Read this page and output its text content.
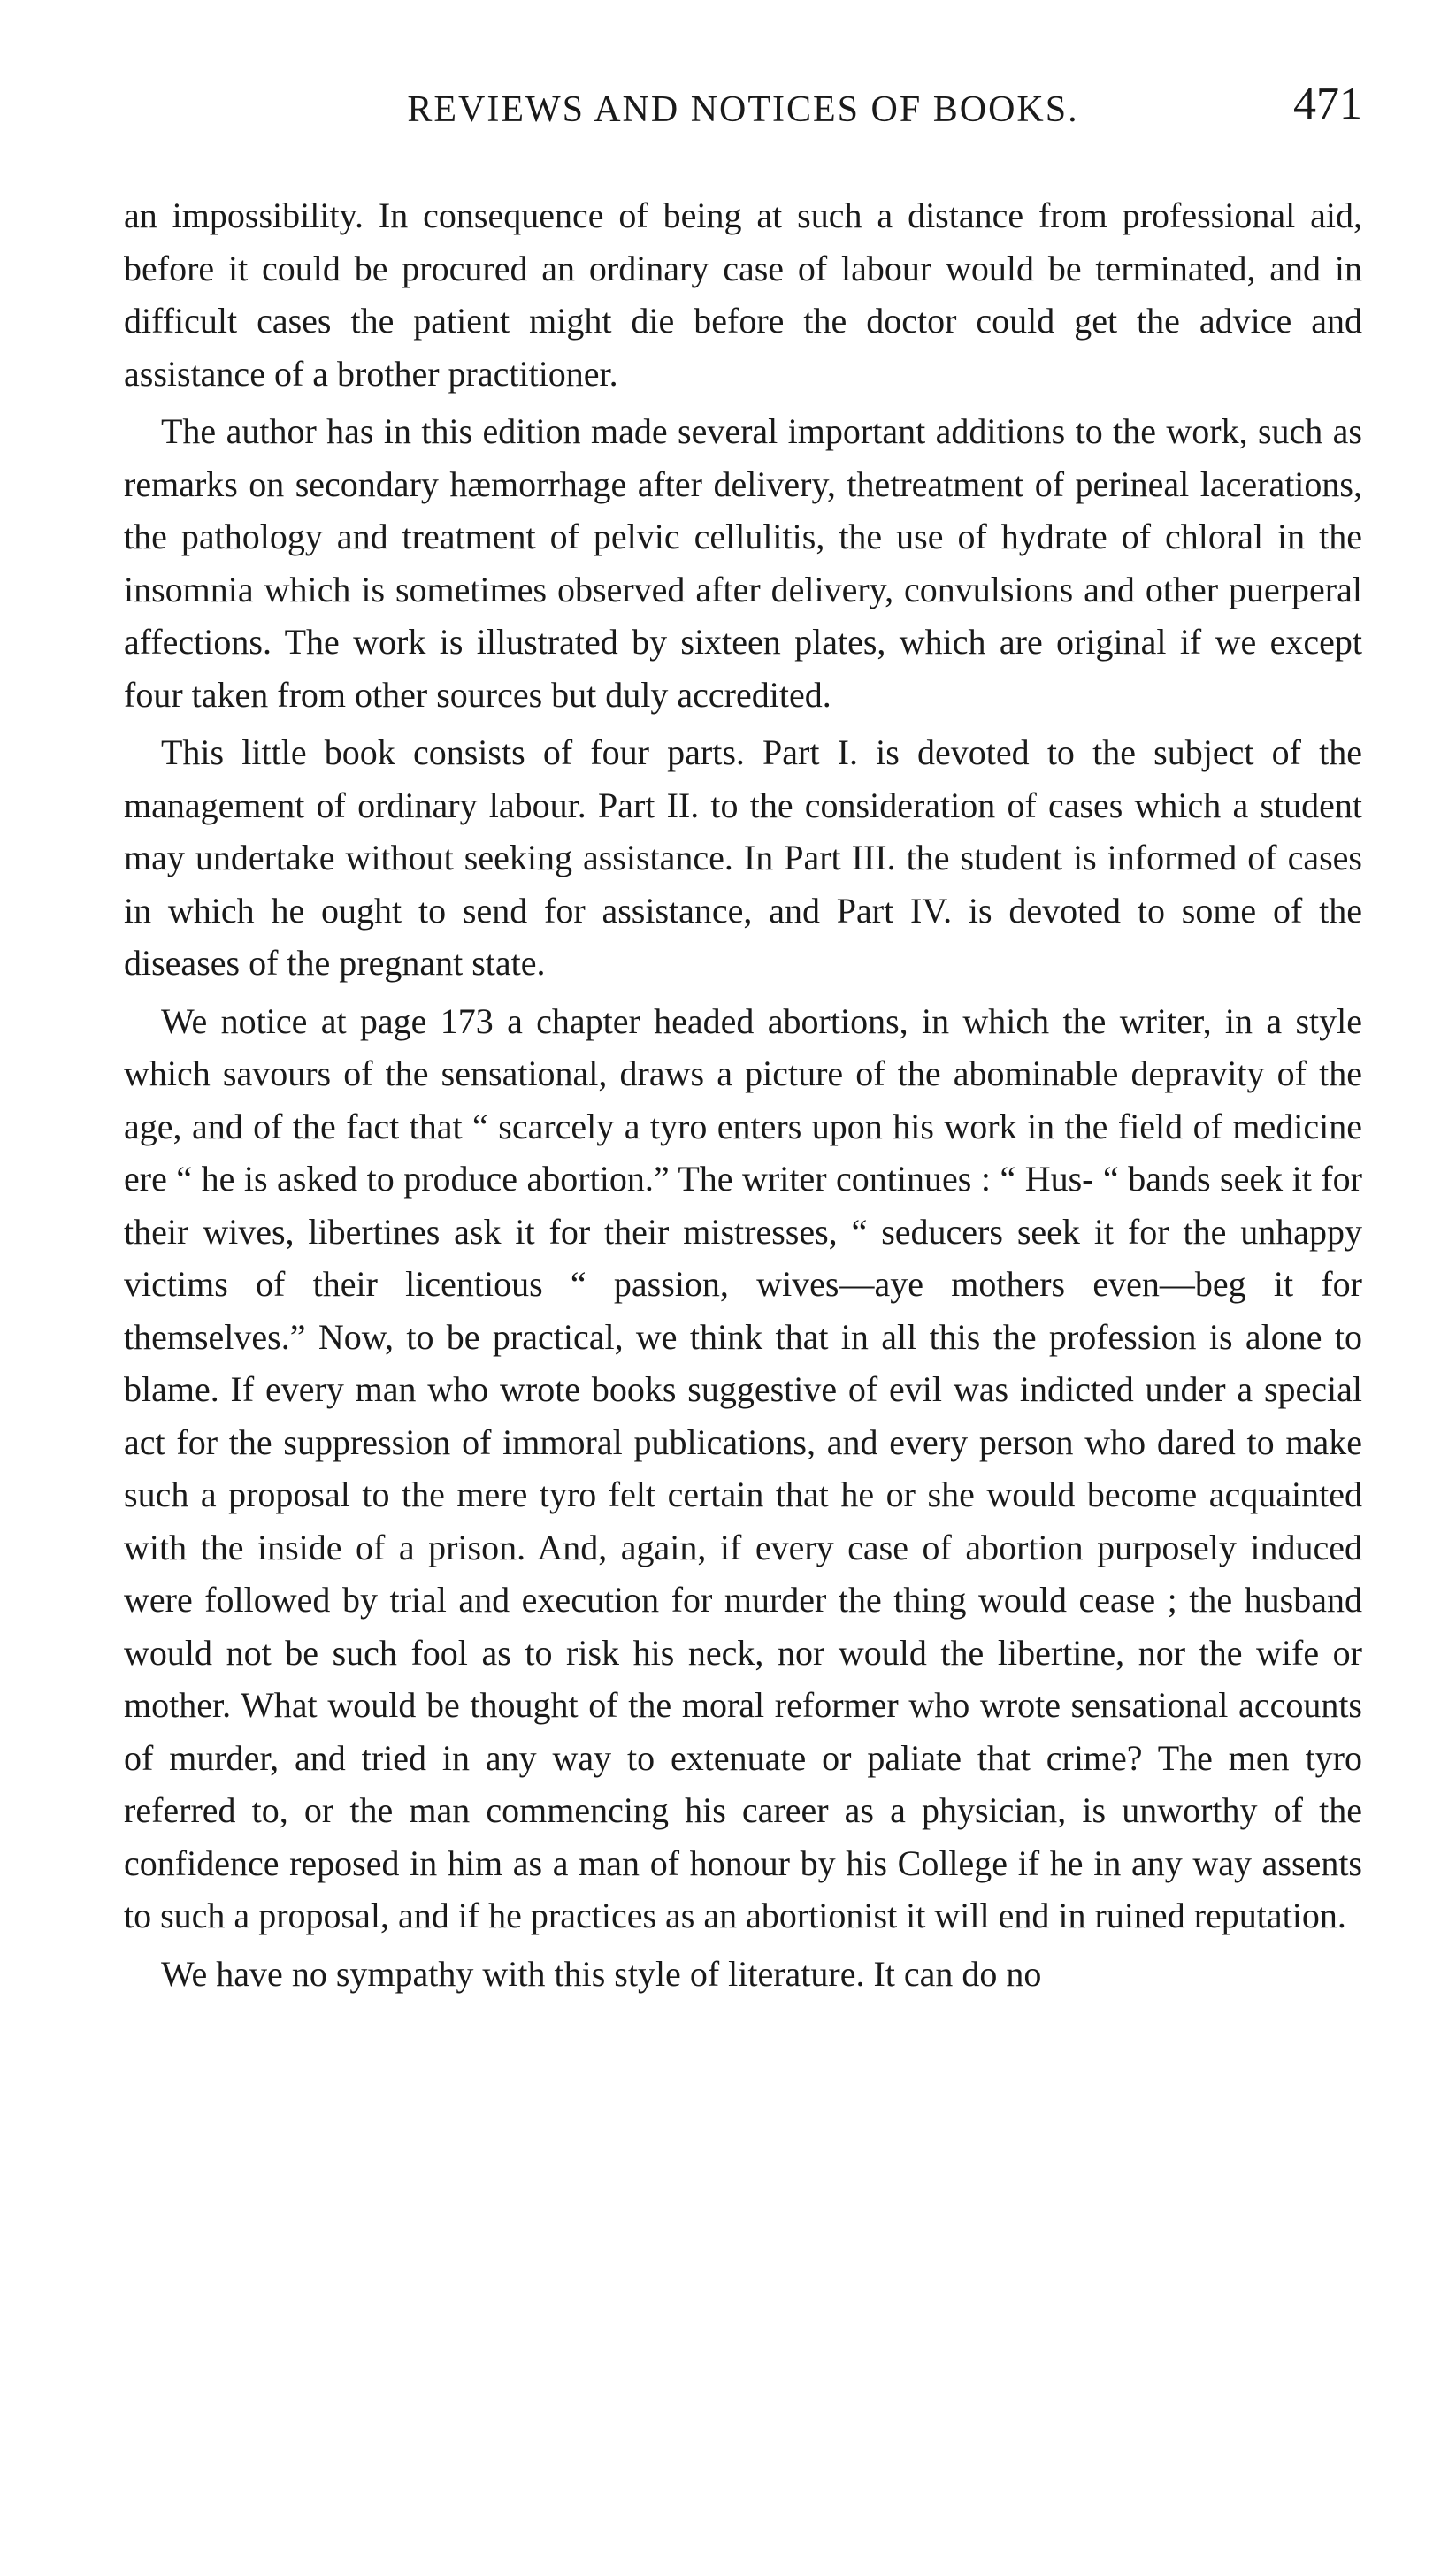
REVIEWS AND NOTICES OF BOOKS.	471

an impossibility. In consequence of being at such a distance from professional aid, before it could be procured an ordinary case of labour would be terminated, and in difficult cases the patient might die before the doctor could get the advice and assistance of a brother practitioner.

The author has in this edition made several important additions to the work, such as remarks on secondary hæmorrhage after delivery, thetreatment of perineal lacerations, the pathology and treatment of pelvic cellulitis, the use of hydrate of chloral in the insomnia which is sometimes observed after delivery, convulsions and other puerperal affections. The work is illustrated by sixteen plates, which are original if we except four taken from other sources but duly accredited.

This little book consists of four parts. Part I. is devoted to the subject of the management of ordinary labour. Part II. to the consideration of cases which a student may undertake without seeking assistance. In Part III. the student is informed of cases in which he ought to send for assistance, and Part IV. is devoted to some of the diseases of the pregnant state.

We notice at page 173 a chapter headed abortions, in which the writer, in a style which savours of the sensational, draws a picture of the abominable depravity of the age, and of the fact that “ scarcely a tyro enters upon his work in the field of medicine ere “ he is asked to produce abortion.” The writer continues : “ Hus- “ bands seek it for their wives, libertines ask it for their mistresses, “ seducers seek it for the unhappy victims of their licentious “ passion, wives—aye mothers even—beg it for themselves.” Now, to be practical, we think that in all this the profession is alone to blame. If every man who wrote books suggestive of evil was indicted under a special act for the suppression of immoral publications, and every person who dared to make such a proposal to the mere tyro felt certain that he or she would become acquainted with the inside of a prison. And, again, if every case of abortion purposely induced were followed by trial and execution for murder the thing would cease ; the husband would not be such fool as to risk his neck, nor would the libertine, nor the wife or mother. What would be thought of the moral reformer who wrote sensational accounts of murder, and tried in any way to extenuate or paliate that crime? The men tyro referred to, or the man commencing his career as a physician, is unworthy of the confidence reposed in him as a man of honour by his College if he in any way assents to such a proposal, and if he practices as an abortionist it will end in ruined reputation.

We have no sympathy with this style of literature. It can do no
